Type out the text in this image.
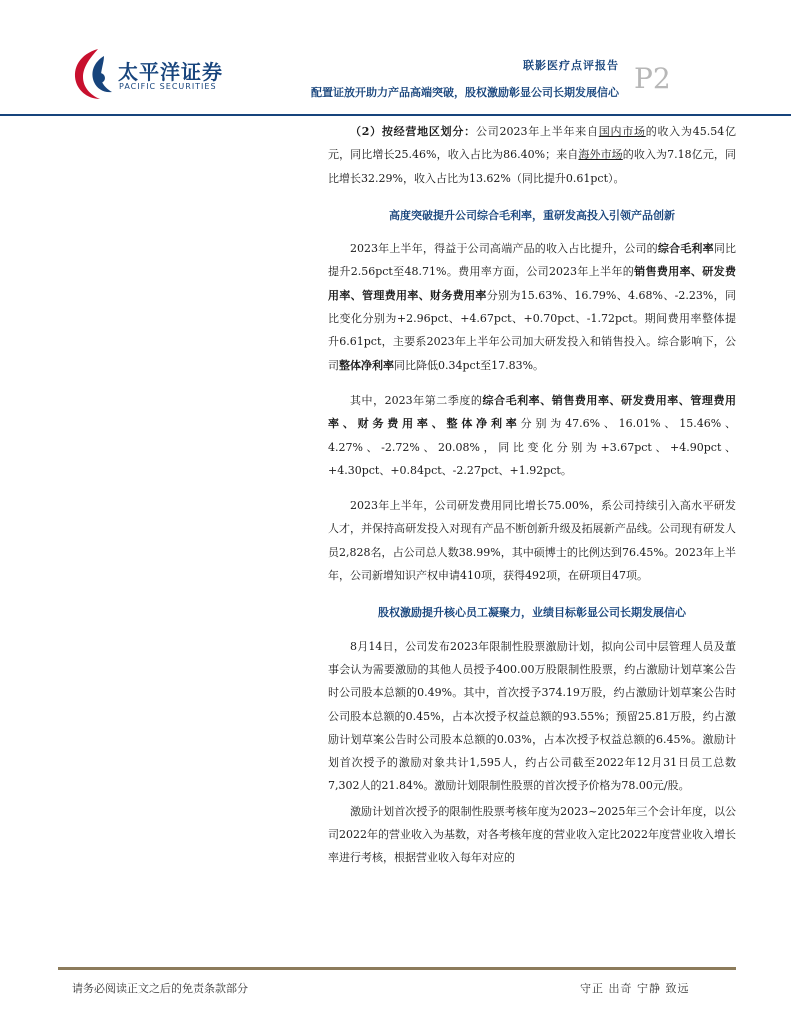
太平洋证券
PACIFIC SECURITIES
联影医疗点评报告
配置证放开助力产品高端突破，股权激励彰显公司长期发展信心 P2

（2）按经营地区划分：公司2023年上半年来自国内市场的收入为45.54亿元，同比增长25.46%，收入占比为86.40%；来自海外市场的收入为7.18亿元，同比增长32.29%，收入占比为13.62%（同比提升0.61pct）。

高度突破提升公司综合毛利率，重研发高投入引领产品创新

2023年上半年，得益于公司高端产品的收入占比提升，公司的综合毛利率同比提升2.56pct至48.71%。费用率方面，公司2023年上半年的销售费用率、研发费用率、管理费用率、财务费用率分别为15.63%、16.79%、4.68%、-2.23%，同比变化分别为+2.96pct、+4.67pct、+0.70pct、-1.72pct。期间费用率整体提升6.61pct，主要系2023年上半年公司加大研发投入和销售投入。综合影响下，公司整体净利率同比降低0.34pct至17.83%。

其中，2023年第二季度的综合毛利率、销售费用率、研发费用率、管理费用率、财务费用率、整体净利率分别为47.6%、16.01%、15.46%、4.27%、-2.72%、20.08%，同比变化分别为+3.67pct、+4.90pct、+4.30pct、+0.84pct、-2.27pct、+1.92pct。

2023年上半年，公司研发费用同比增长75.00%，系公司持续引入高水平研发人才，并保持高研发投入对现有产品不断创新升级及拓展新产品线。公司现有研发人员2,828名，占公司总人数38.99%，其中硕博士的比例达到76.45%。2023年上半年，公司新增知识产权申请410项，获得492项，在研项目47项。

股权激励提升核心员工凝聚力，业绩目标彰显公司长期发展信心

8月14日，公司发布2023年限制性股票激励计划，拟向公司中层管理人员及董事会认为需要激励的其他人员授予400.00万股限制性股票，约占激励计划草案公告时公司股本总额的0.49%。其中，首次授予374.19万股，约占激励计划草案公告时公司股本总额的0.45%，占本次授予权益总额的93.55%；预留25.81万股，约占激励计划草案公告时公司股本总额的0.03%，占本次授予权益总额的6.45%。激励计划首次授予的激励对象共计1,595人，约占公司截至2022年12月31日员工总数7,302人的21.84%。激励计划限制性股票的首次授予价格为78.00元/股。

激励计划首次授予的限制性股票考核年度为2023~2025年三个会计年度，以公司2022年的营业收入为基数，对各考核年度的营业收入定比2022年度营业收入增长率进行考核，根据营业收入每年对应的

请务必阅读正文之后的免责条款部分	守正 出奇 宁静 致远
